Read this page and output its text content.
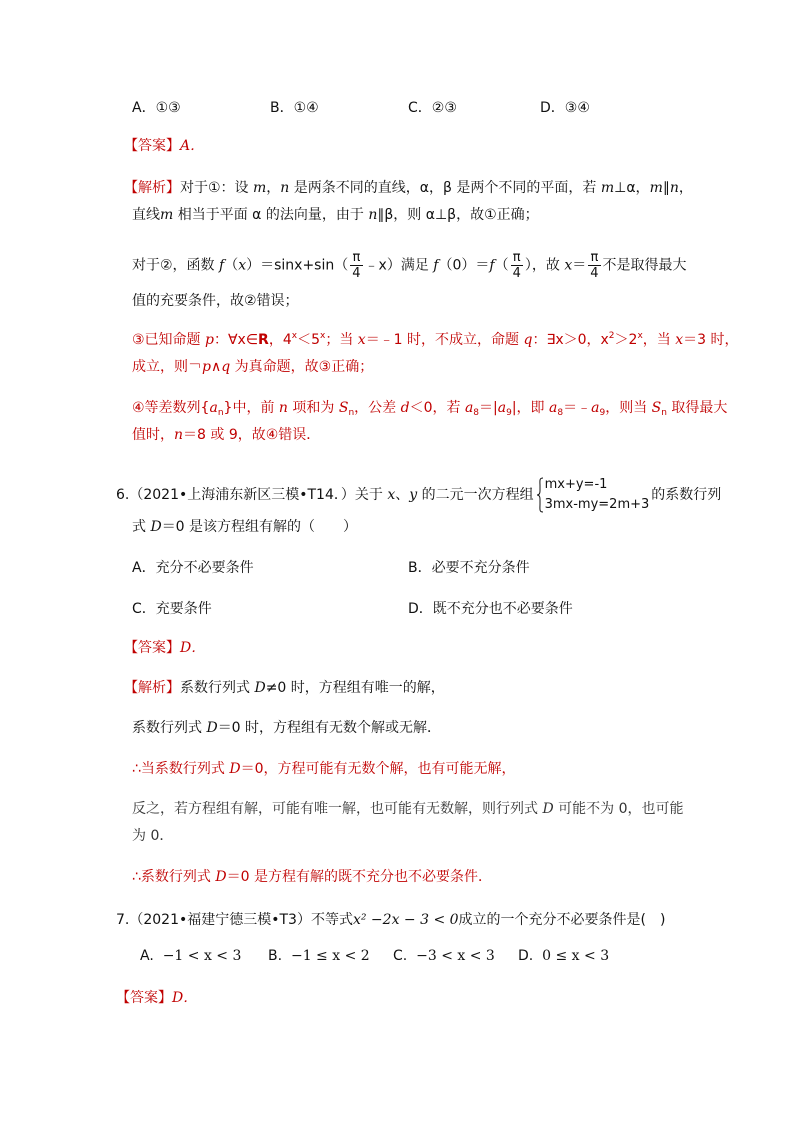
A．①③	B．①④	C．②③	D．③④
【答案】A．
【解析】对于①：设 m，n 是两条不同的直线，α，β 是两个不同的平面，若 m⊥α，m∥n，
直线m 相当于平面 α 的法向量，由于 n∥β，则 α⊥β，故①正确；
对于②，函数 $f(x)=\sin x+\sin( \frac{\pi}{4}$ ﹣x）满足 $f(0)=f( \frac{\pi}{4}$ ），故 $x= \frac{\pi}{4}$ 不是取得最大
值的充要条件，故②错误；
③已知命题 p：∀x∈R，$4^x<5^x$；当 x＝﹣1 时，不成立，命题 q：∃x＞0，$x^2>2^x$，当 x＝3 时，
成立，则￢p∧q 为真命题，故③正确；
④等差数列$\{a_n\}$中，前 n 项和为 $S_n$，公差 d＜0，若 $a_8=|a_9|$，即 $a_8=﹣a_9$，则当 $S_n$ 取得最大
值时，n＝8 或 9，故④错误．
6.（2021•上海浦东新区三模•T14．）关于 x、y 的二元一次方程组
mx+y=-1
3mx-my=2m+3
的系数行列
式 D＝0 是该方程组有解的（　　）
A．充分不必要条件	B．必要不充分条件
C．充要条件	D．既不充分也不必要条件
【答案】D．
【解析】系数行列式 D≠0 时，方程组有唯一的解，
系数行列式 D＝0 时，方程组有无数个解或无解．
∴当系数行列式 D＝0，方程可能有无数个解，也有可能无解，
反之，若方程组有解，可能有唯一解，也可能有无数解，则行列式 D 可能不为 0，也可能
为 0．
∴系数行列式 D＝0 是方程有解的既不充分也不必要条件．
7.（2021•福建宁德三模•T3）不等式x² −2x − 3 < 0成立的一个充分不必要条件是(　)
A. −1 < x < 3 B. −1 ≤ x < 2 C. −3 < x < 3 D. 0 ≤ x < 3
【答案】D．
